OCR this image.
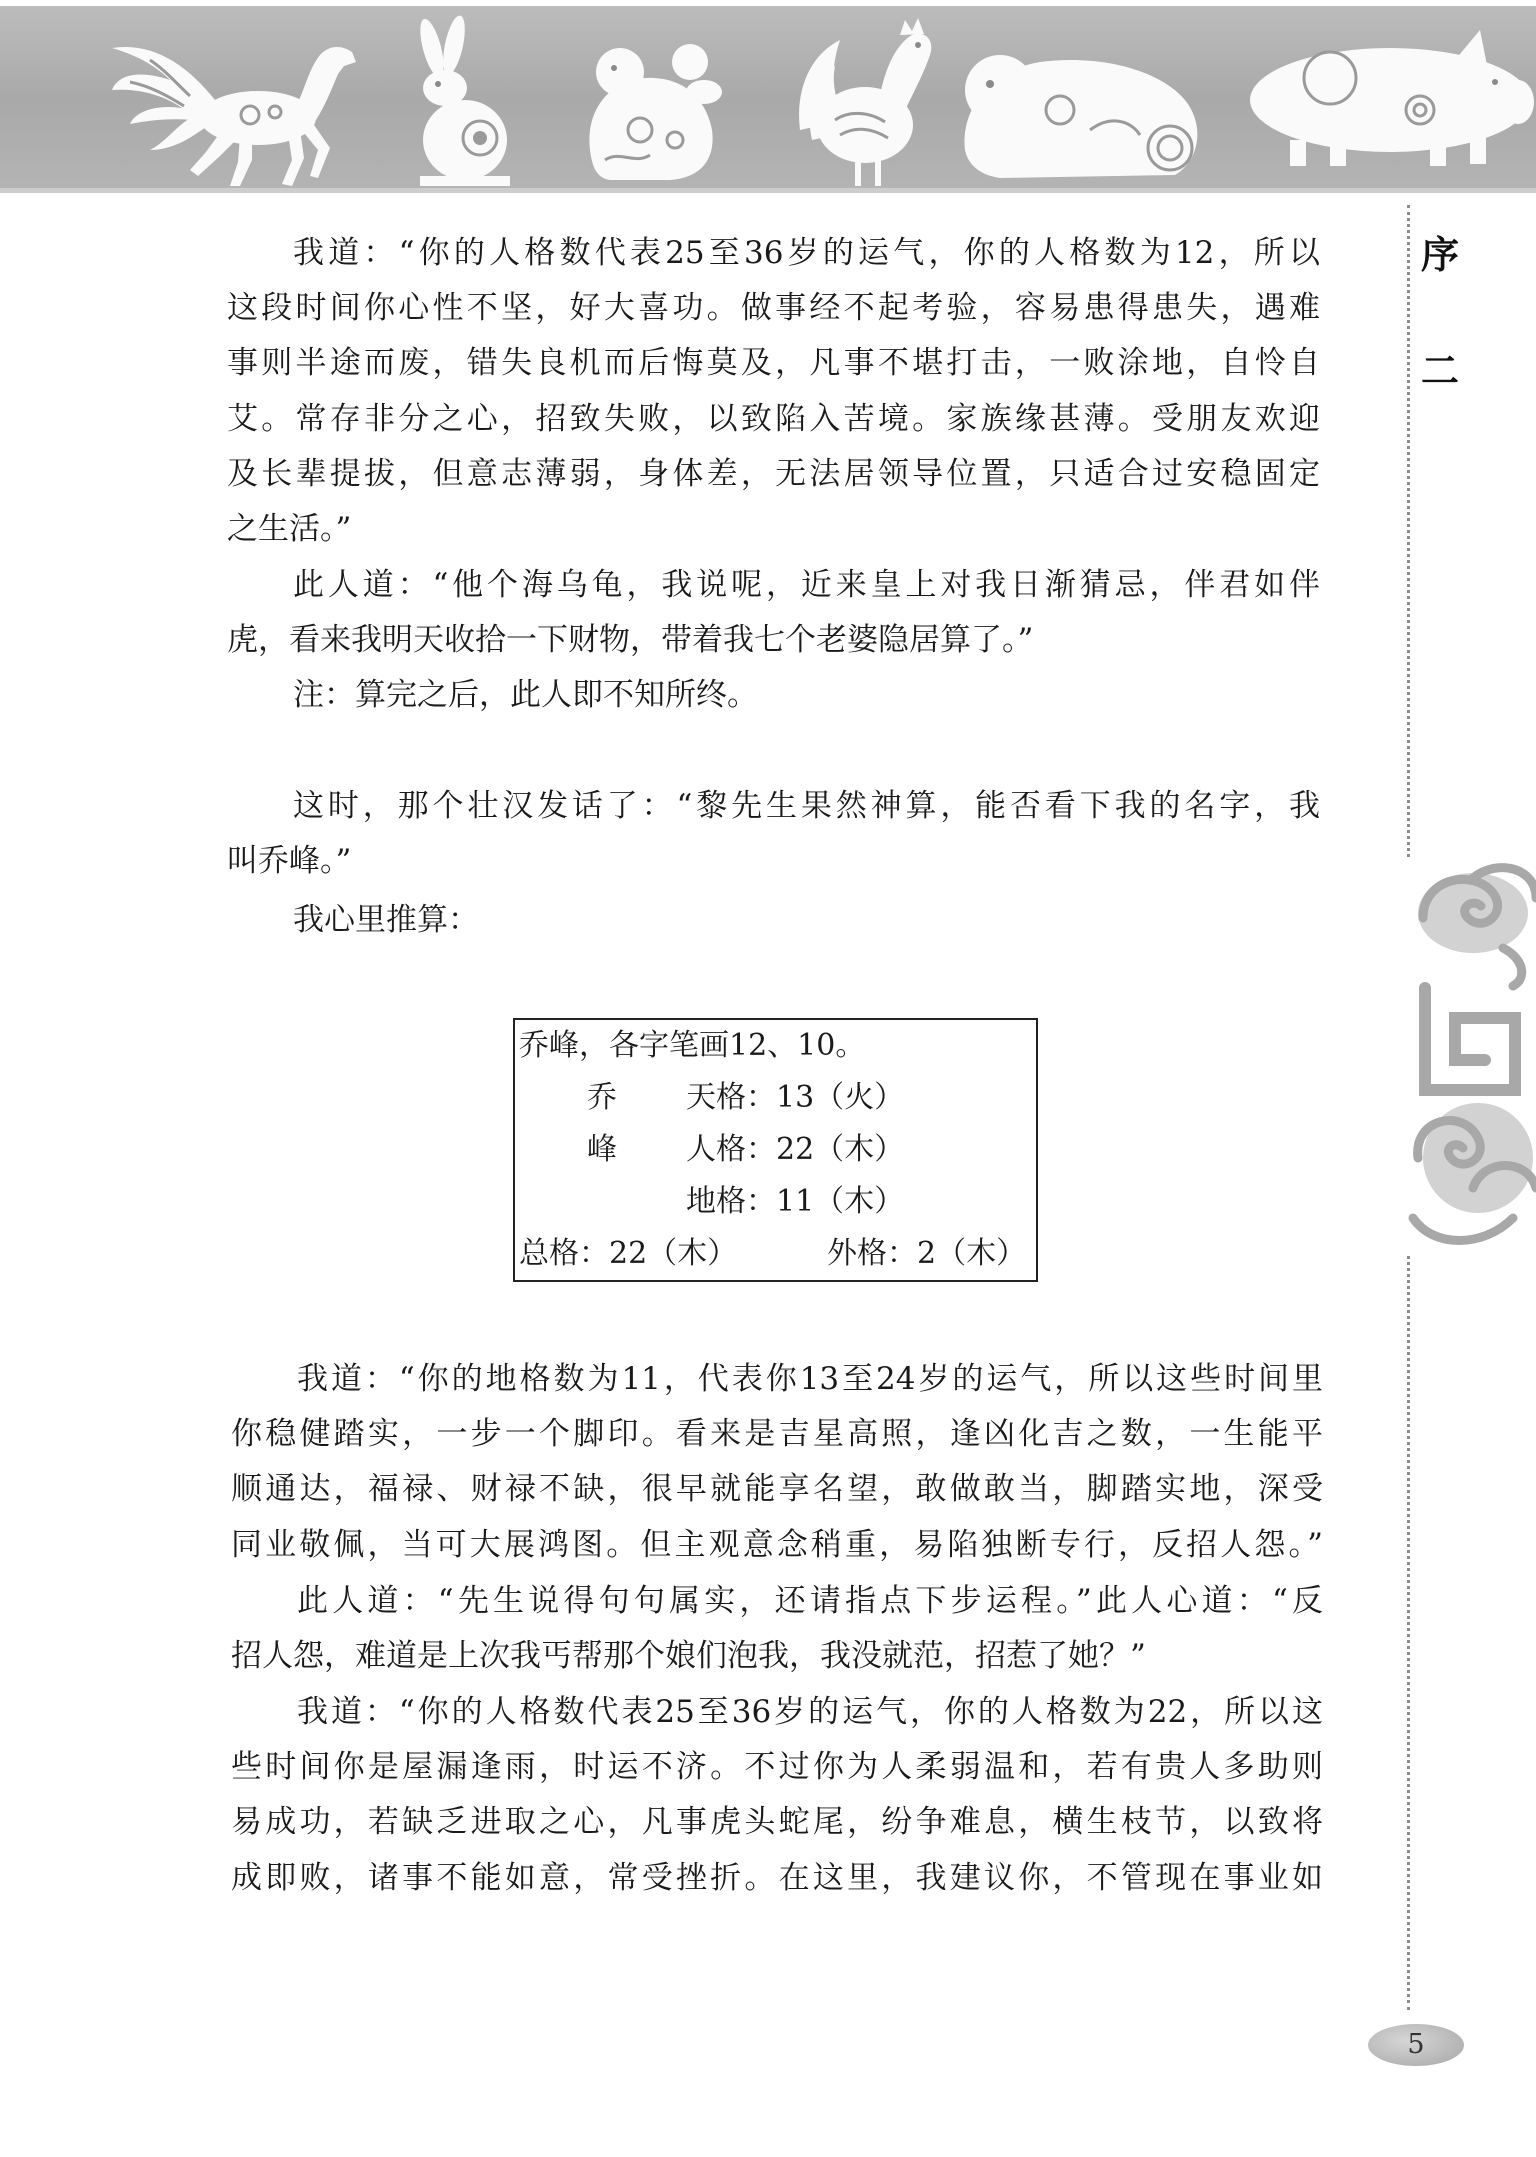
序
二
我道：“你的人格数代表25至36岁的运气，你的人格数为12，所以
这段时间你心性不坚，好大喜功。做事经不起考验，容易患得患失，遇难
事则半途而废，错失良机而后悔莫及，凡事不堪打击，一败涂地，自怜自
艾。常存非分之心，招致失败，以致陷入苦境。家族缘甚薄。受朋友欢迎
及长辈提拔，但意志薄弱，身体差，无法居领导位置，只适合过安稳固定
之生活。”
此人道：“他个海乌龟，我说呢，近来皇上对我日渐猜忌，伴君如伴
虎，看来我明天收拾一下财物，带着我七个老婆隐居算了。”
注：算完之后，此人即不知所终。
这时，那个壮汉发话了：“黎先生果然神算，能否看下我的名字，我
叫乔峰。”
我心里推算：
乔峰，各字笔画12、10。
乔 天格：13（火）
峰 人格：22（木）
地格：11（木）
总格：22（木）	外格：2（木）
我道：“你的地格数为11，代表你13至24岁的运气，所以这些时间里
你稳健踏实，一步一个脚印。看来是吉星高照，逢凶化吉之数，一生能平
顺通达，福禄、财禄不缺，很早就能享名望，敢做敢当，脚踏实地，深受
同业敬佩，当可大展鸿图。但主观意念稍重，易陷独断专行，反招人怨。”
此人道：“先生说得句句属实，还请指点下步运程。”此人心道：“反
招人怨，难道是上次我丐帮那个娘们泡我，我没就范，招惹了她？”
我道：“你的人格数代表25至36岁的运气，你的人格数为22，所以这
些时间你是屋漏逢雨，时运不济。不过你为人柔弱温和，若有贵人多助则
易成功，若缺乏进取之心，凡事虎头蛇尾，纷争难息，横生枝节，以致将
成即败，诸事不能如意，常受挫折。在这里，我建议你，不管现在事业如
5
